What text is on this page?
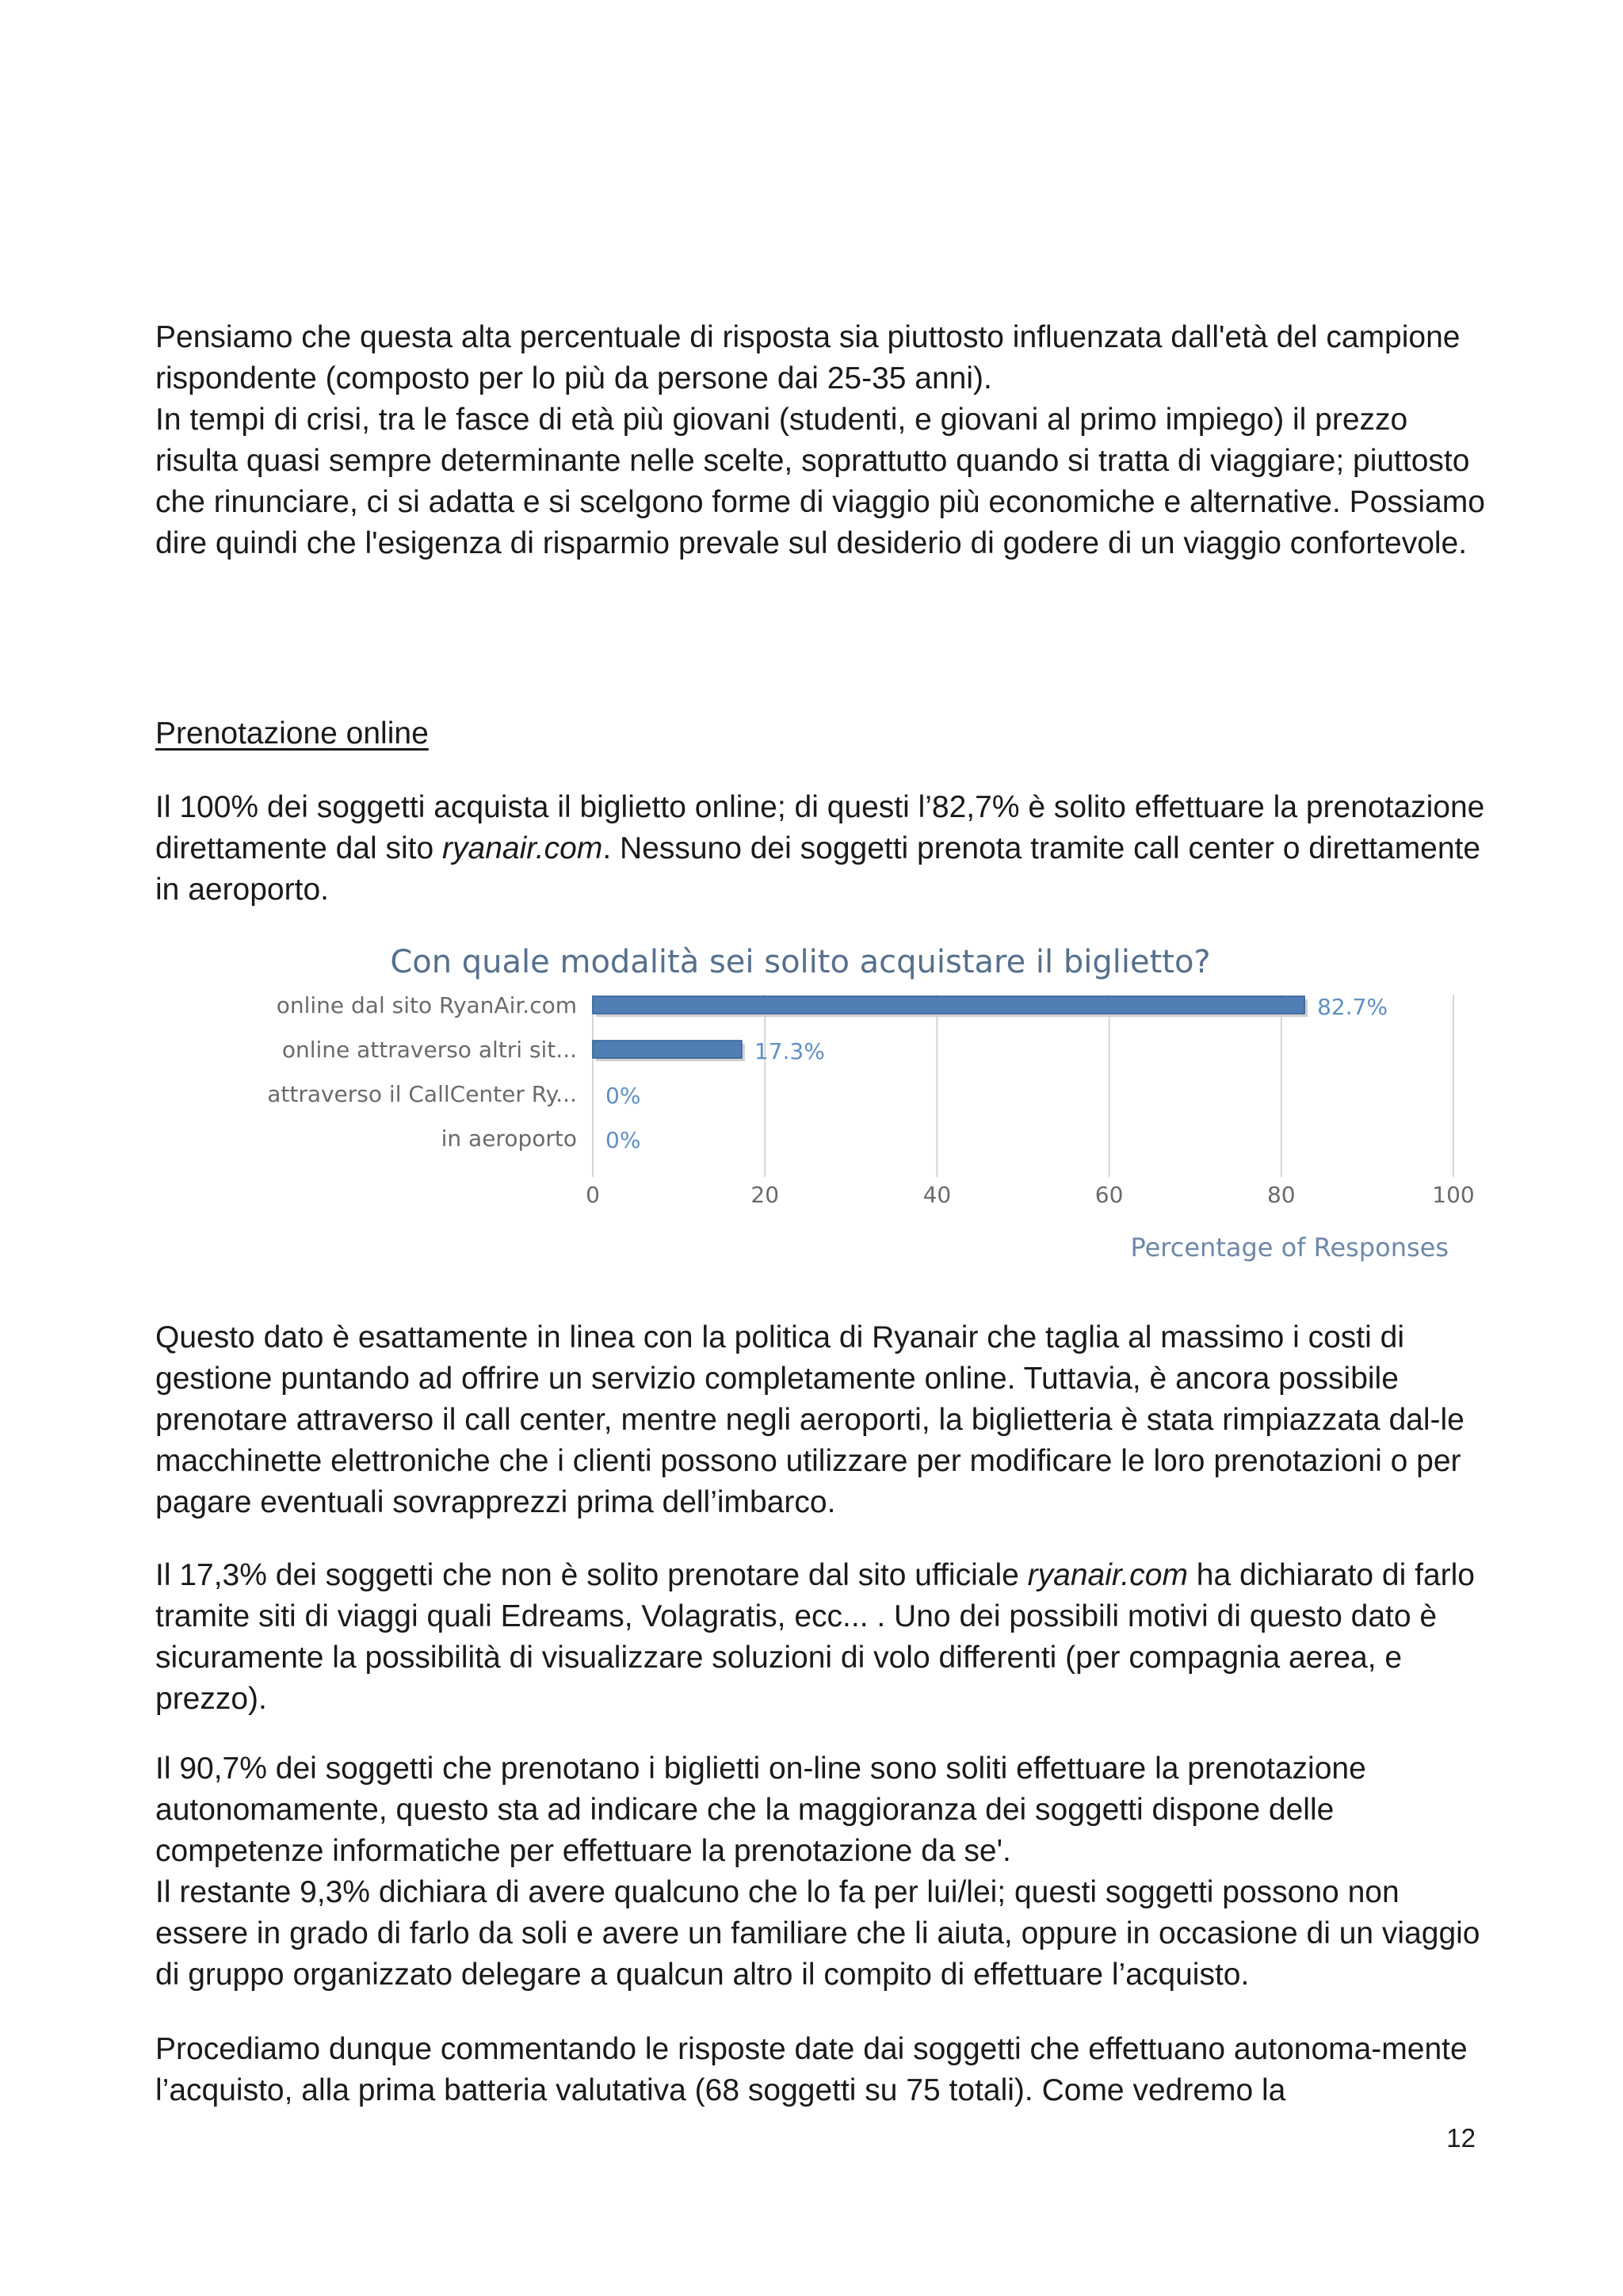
Pensiamo che questa alta percentuale di risposta sia piuttosto influenzata dall'età del campione rispondente (composto per lo più da persone dai 25-35 anni).

In tempi di crisi, tra le fasce di età più giovani (studenti, e giovani al primo impiego) il prezzo risulta quasi sempre determinante nelle scelte, soprattutto quando si tratta di viaggiare; piuttosto che rinunciare, ci si adatta e si scelgono forme di viaggio più economiche e alternative. Possiamo dire quindi che l'esigenza di risparmio prevale sul desiderio di godere di un viaggio confortevole.

Prenotazione online

Il 100% dei soggetti acquista il biglietto online; di questi l’82,7% è solito effettuare la prenotazione direttamente dal sito ryanair.com. Nessuno dei soggetti prenota tramite call center o direttamente in aeroporto.

Con quale modalità sei solito acquistare il biglietto?
online dal sito RyanAir.com
online attraverso altri sit...
attraverso il CallCenter Ry...
in aeroporto
82.7%
17.3%
0%
0%
0	20	40	60	80	100
Percentage of Responses

Questo dato è esattamente in linea con la politica di Ryanair che taglia al massimo i costi di gestione puntando ad offrire un servizio completamente online. Tuttavia, è ancora possibile prenotare attraverso il call center, mentre negli aeroporti, la biglietteria è stata rimpiazzata dal-le macchinette elettroniche che i clienti possono utilizzare per modificare le loro prenotazioni o per pagare eventuali sovrapprezzi prima dell’imbarco.

Il 17,3% dei soggetti che non è solito prenotare dal sito ufficiale ryanair.com ha dichiarato di farlo tramite siti di viaggi quali Edreams, Volagratis, ecc... . Uno dei possibili motivi di questo dato è sicuramente la possibilità di visualizzare soluzioni di volo differenti (per compagnia aerea, e prezzo).

Il 90,7% dei soggetti che prenotano i biglietti on-line sono soliti effettuare la prenotazione autonomamente, questo sta ad indicare che la maggioranza dei soggetti dispone delle competenze informatiche per effettuare la prenotazione da se'.

Il restante 9,3% dichiara di avere qualcuno che lo fa per lui/lei; questi soggetti possono non essere in grado di farlo da soli e avere un familiare che li aiuta, oppure in occasione di un viaggio di gruppo organizzato delegare a qualcun altro il compito di effettuare l’acquisto.

Procediamo dunque commentando le risposte date dai soggetti che effettuano autonoma-mente l’acquisto, alla prima batteria valutativa (68 soggetti su 75 totali). Come vedremo la

12
